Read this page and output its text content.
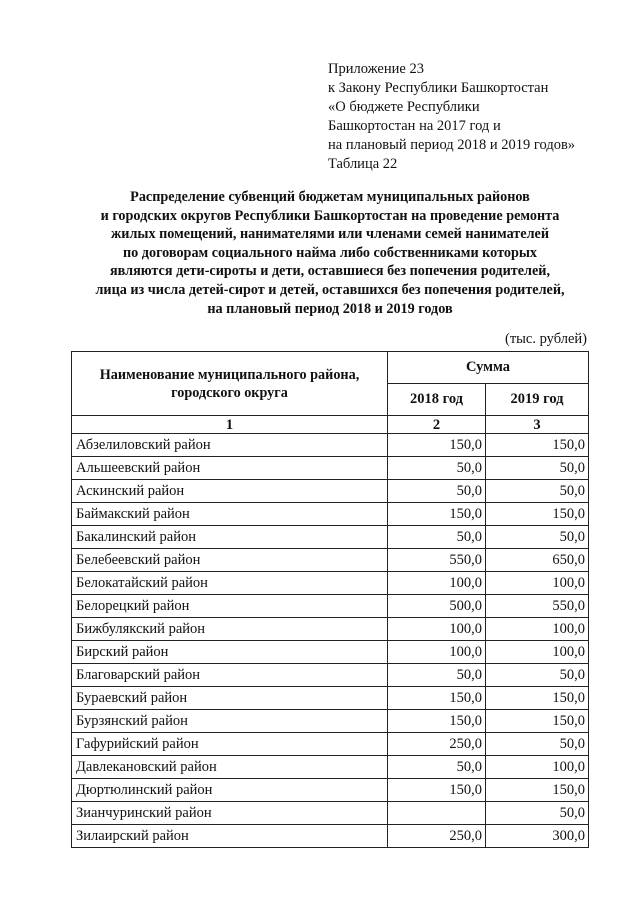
Приложение 23
к Закону Республики Башкортостан
«О бюджете Республики
Башкортостан на 2017 год и
на плановый период 2018 и 2019 годов»
Таблица 22
Распределение субвенций бюджетам муниципальных районов
и городских округов Республики Башкортостан на проведение ремонта
жилых помещений, нанимателями или членами семей нанимателей
по договорам социального найма либо собственниками которых
являются дети-сироты и дети, оставшиеся без попечения родителей,
лица из числа детей-сирот и детей, оставшихся без попечения родителей,
на плановый период 2018 и 2019 годов
(тыс. рублей)
Наименование муниципального района, городского округа	Сумма	
	2018 год	2019 год
1	2	3
Абзелиловский район	150,0	150,0
Альшеевский район	50,0	50,0
Аскинский район	50,0	50,0
Баймакский район	150,0	150,0
Бакалинский район	50,0	50,0
Белебеевский район	550,0	650,0
Белокатайский район	100,0	100,0
Белорецкий район	500,0	550,0
Бижбулякский район	100,0	100,0
Бирский район	100,0	100,0
Благоварский район	50,0	50,0
Бураевский район	150,0	150,0
Бурзянский район	150,0	150,0
Гафурийский район	250,0	50,0
Давлекановский район	50,0	100,0
Дюртюлинский район	150,0	150,0
Зианчуринский район		50,0
Зилаирский район	250,0	300,0
